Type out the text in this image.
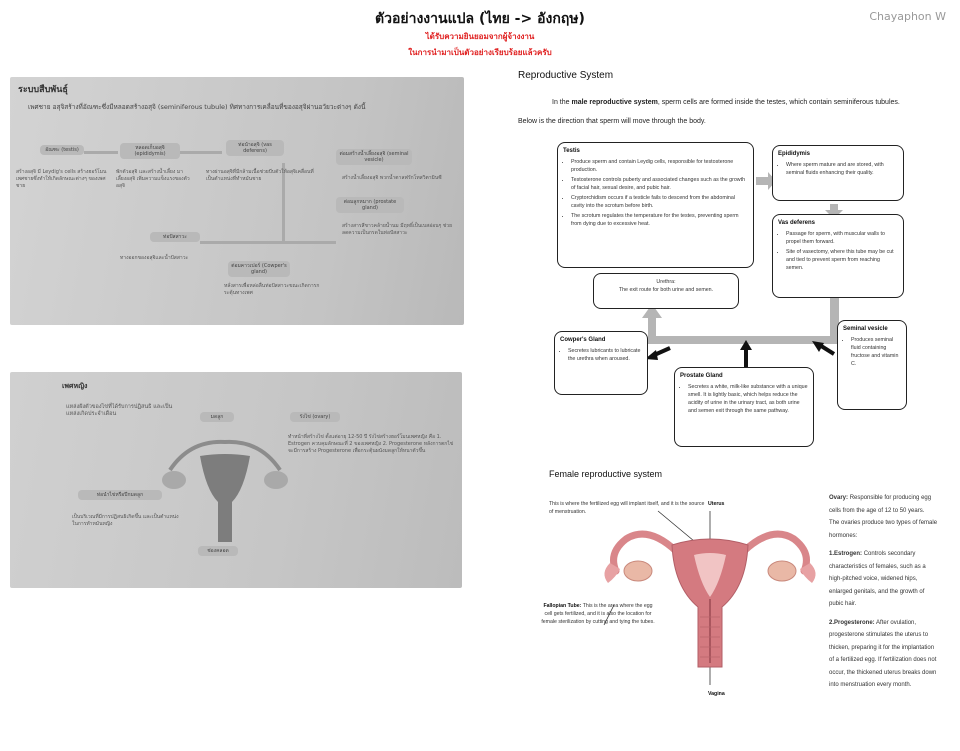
ตัวอย่างงานแปล (ไทย -> อังกฤษ)	Chayaphon W
ได้รับความยินยอมจากผู้จ้างงาน
ในการนำมาเป็นตัวอย่างเรียบร้อยแล้วครับ
ระบบสืบพันธุ์
เพศชาย อสุจิสร้างที่อัณฑะซึ่งมีหลอดสร้างอสุจิ (seminiferous tubule) ทิศทางการเคลื่อนที่ของอสุจิผ่านอวัยวะต่างๆ ดังนี้
อัณฑะ (testis)	หลอดเก็บอสุจิ (epididymis)
ท่อนำอสุจิ (vas deferens)	ต่อมสร้างน้ำเลี้ยงอสุจิ (seminal vesicle)
ต่อมลูกหมาก (prostate gland)
ท่อปัสสาวะ
ต่อมคาวเปอร์ (Cowper's gland)
สร้างอสุจิ มี Leydig's cells สร้างฮอร์โมนเพศชายซึ่งทำให้เกิดลักษณะต่างๆ ของเพศชาย
พักตัวอสุจิ และสร้างน้ำเลี้ยง มาเลี้ยงอสุจิ เพิ่มความแข็งแรงของตัวอสุจิ
ทางผ่านอสุจิที่มีกล้ามเนื้อช่วยบีบตัวให้อสุจิเคลื่อนที่ เป็นตำแหน่งที่ทำหมันชาย	สร้างน้ำเลี้ยงอสุจิ พวกน้ำตาลฟรักโทสวิตามินซี
สร้างสารสีขาวคล้ายน้ำนม มีฤทธิ์เป็นเบสอ่อนๆ ช่วยลดความเป็นกรดในท่อปัสสาวะ
ทางออกของอสุจิและน้ำปัสสาวะ
หลั่งสารเพื่อหล่อลื่นท่อปัสสาวะขณะเกิดการกระตุ้นทางเพศ
เพศหญิง
แหล่งฝังตัวของไข่ที่ได้รับการปฏิสนธิ และเป็นแหล่งเกิดประจำเดือน	มดลูก	รังไข่ (ovary)
ทำหน้าที่สร้างไข่ ตั้งแต่อายุ 12-50 ปี รังไข่สร้างฮอร์โมนเพศหญิง คือ 1. Estrogen ควบคุมลักษณะที่ 2 ของเพศหญิง 2. Progesterone หลังการตกไข่จะมีการสร้าง Progesterone เพื่อกระตุ้นผนังมดลูกให้หนาตัวขึ้น
ท่อนำไข่หรือปีกมดลูก
เป็นบริเวณที่มีการปฏิสนธิเกิดขึ้น และเป็นตำแหน่งในการทำหมันหญิง
ช่องคลอด
Reproductive System
In the male reproductive system, sperm cells are formed inside the testes, which contain seminiferous tubules. Below is the direction that sperm will move through the body.
Testis
• Produce sperm and contain Leydig cells, responsible for testosterone production.
• Testosterone controls puberty and associated changes such as the growth of facial hair, sexual desire, and pubic hair.
• Cryptorchidism occurs if a testicle fails to descend from the abdominal cavity into the scrotum before birth.
• The scrotum regulates the temperature for the testes, preventing sperm from dying due to excessive heat.
Epididymis
• Where sperm mature and are stored, with seminal fluids enhancing their quality.
Vas deferens
• Passage for sperm, with muscular walls to propel them forward.
• Site of vasectomy, where this tube may be cut and tied to prevent sperm from reaching semen.
Urethra:
The exit route for both urine and semen.
Cowper's Gland
• Secretes lubricants to lubricate the urethra when aroused.
Prostate Gland
• Secretes a white, milk-like substance with a unique smell. It is lightly basic, which helps reduce the acidity of urine in the urinary tract, as both urine and semen exit through the same pathway.
Seminal vesicle
• Produces seminal fluid containing fructose and vitamin C.
Female reproductive system
This is where the fertilized egg will implant itself, and it is the source of menstruation.
Uterus
Vagina
Fallopian Tube: This is the area where the egg cell gets fertilized, and it is also the location for female sterilization by cutting and tying the tubes.

Ovary: Responsible for producing egg cells from the age of 12 to 50 years.
The ovaries produce two types of female hormones:

1.Estrogen: Controls secondary characteristics of females, such as a high-pitched voice, widened hips, enlarged genitals, and the growth of pubic hair.

2.Progesterone: After ovulation, progesterone stimulates the uterus to thicken, preparing it for the implantation of a fertilized egg. If fertilization does not occur, the thickened uterus breaks down into menstruation every month.
